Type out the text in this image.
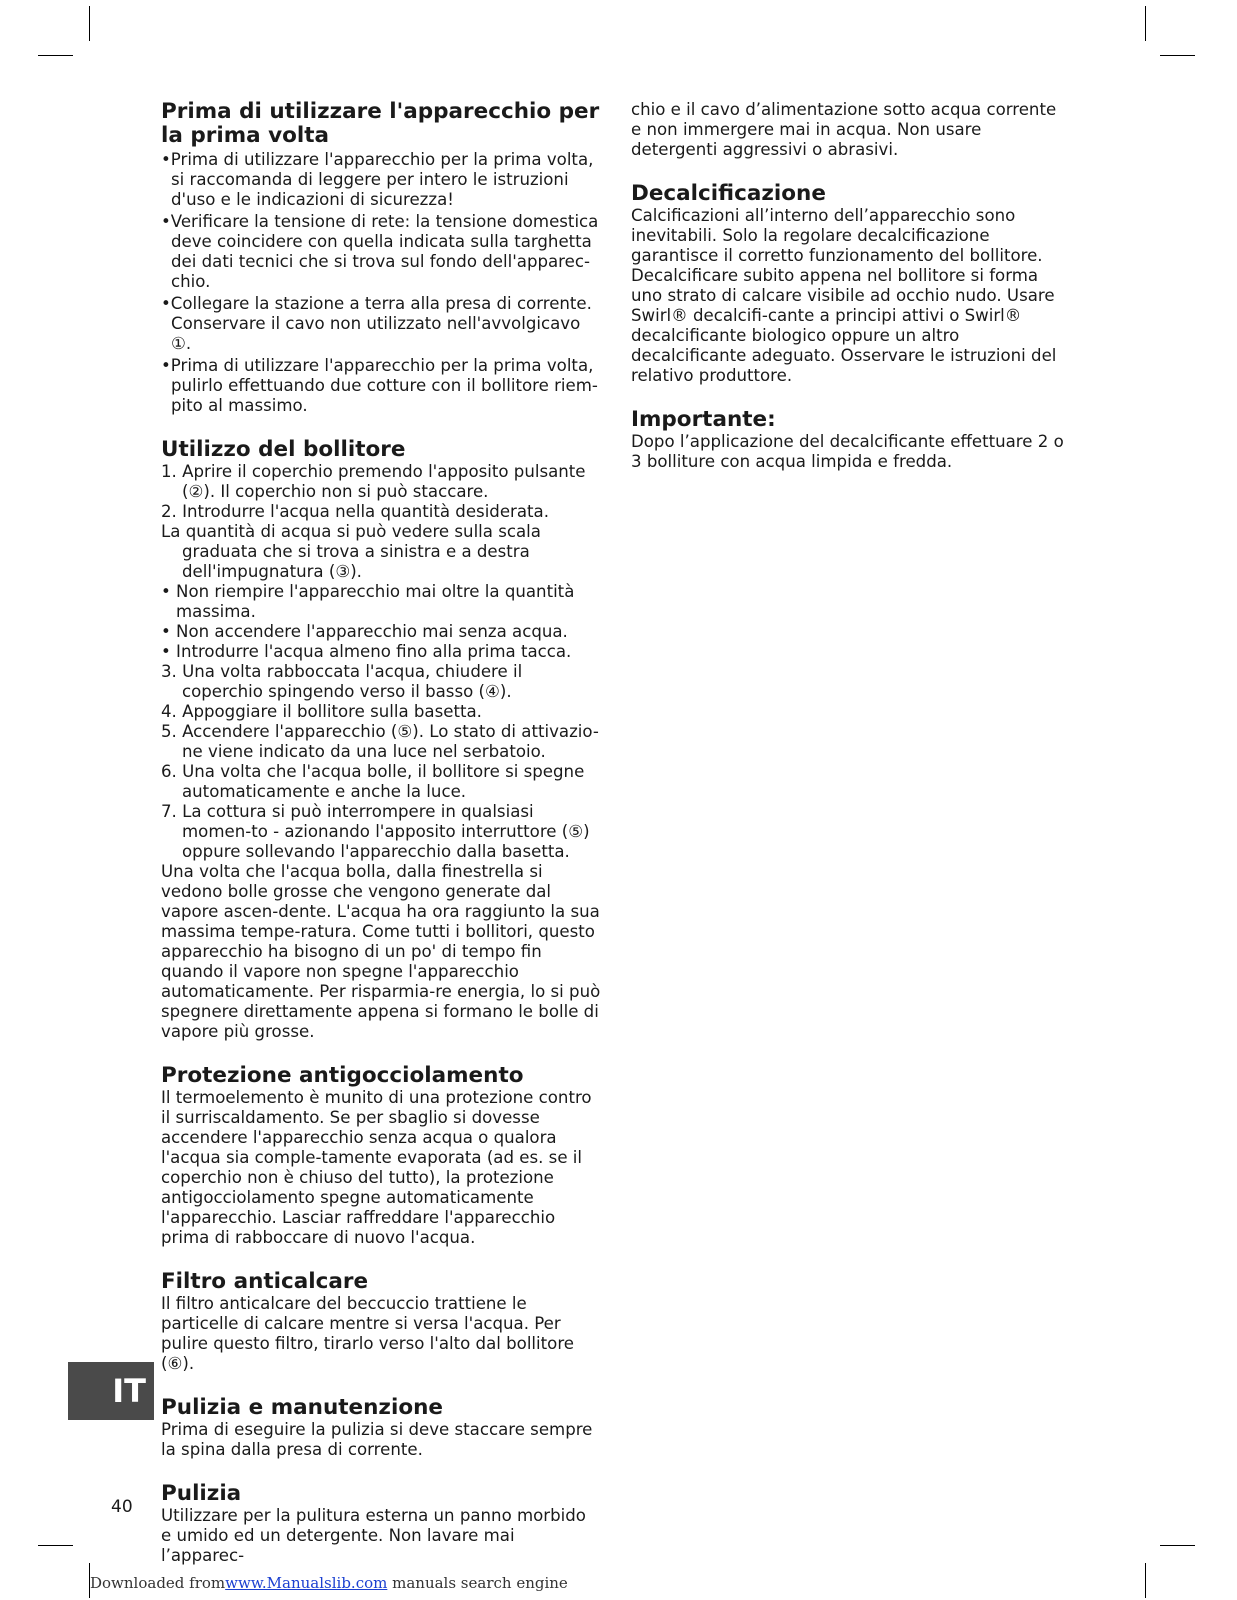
Prima di utilizzare l'apparecchio per la prima volta

•Prima di utilizzare l'apparecchio per la prima volta, si raccomanda di leggere per intero le istruzioni d'uso e le indicazioni di sicurezza!

•Verificare la tensione di rete: la tensione domestica deve coincidere con quella indicata sulla targhetta dei dati tecnici che si trova sul fondo dell'apparec-chio.

•Collegare la stazione a terra alla presa di corrente. Conservare il cavo non utilizzato nell'avvolgicavo ①.

•Prima di utilizzare l'apparecchio per la prima volta, pulirlo effettuando due cotture con il bollitore riem-pito al massimo.

Utilizzo del bollitore

1. Aprire il coperchio premendo l'apposito pulsante (②). Il coperchio non si può staccare.

2. Introdurre l'acqua nella quantità desiderata.

La quantità di acqua si può vedere sulla scala graduata che si trova a sinistra e a destra dell'impugnatura (③).

• Non riempire l'apparecchio mai oltre la quantità massima.

• Non accendere l'apparecchio mai senza acqua.

• Introdurre l'acqua almeno fino alla prima tacca.

3. Una volta rabboccata l'acqua, chiudere il coperchio spingendo verso il basso (④).

4. Appoggiare il bollitore sulla basetta.

5. Accendere l'apparecchio (⑤). Lo stato di attivazio-ne viene indicato da una luce nel serbatoio.

6. Una volta che l'acqua bolle, il bollitore si spegne automaticamente e anche la luce.

7. La cottura si può interrompere in qualsiasi momen-to - azionando l'apposito interruttore (⑤) oppure sollevando l'apparecchio dalla basetta.

Una volta che l'acqua bolla, dalla finestrella si vedono bolle grosse che vengono generate dal vapore ascen-dente. L'acqua ha ora raggiunto la sua massima tempe-ratura. Come tutti i bollitori, questo apparecchio ha bisogno di un po' di tempo fin quando il vapore non spegne l'apparecchio automaticamente. Per risparmia-re energia, lo si può spegnere direttamente appena si formano le bolle di vapore più grosse.

Protezione antigocciolamento

Il termoelemento è munito di una protezione contro il surriscaldamento. Se per sbaglio si dovesse accendere l'apparecchio senza acqua o qualora l'acqua sia comple-tamente evaporata (ad es. se il coperchio non è chiuso del tutto), la protezione antigocciolamento spegne automaticamente l'apparecchio. Lasciar raffreddare l'apparecchio prima di rabboccare di nuovo l'acqua.

Filtro anticalcare

Il filtro anticalcare del beccuccio trattiene le particelle di calcare mentre si versa l'acqua. Per pulire questo filtro, tirarlo verso l'alto dal bollitore (⑥).

Pulizia e manutenzione

Prima di eseguire la pulizia si deve staccare sempre la spina dalla presa di corrente.

Pulizia

Utilizzare per la pulitura esterna un panno morbido e umido ed un detergente. Non lavare mai l’apparec-

chio e il cavo d’alimentazione sotto acqua corrente e non immergere mai in acqua. Non usare detergenti aggressivi o abrasivi.

Decalcificazione

Calcificazioni all’interno dell’apparecchio sono inevitabili. Solo la regolare decalcificazione garantisce il corretto funzionamento del bollitore. Decalcificare subito appena nel bollitore si forma uno strato di calcare visibile ad occhio nudo. Usare Swirl® decalcifi-cante a principi attivi o Swirl® decalcificante biologico oppure un altro decalcificante adeguato. Osservare le istruzioni del relativo produttore.

Importante:

Dopo l’applicazione del decalcificante effettuare 2 o 3 bolliture con acqua limpida e fredda.

IT
40
Downloaded fromwww.Manualslib.com manuals search engine
